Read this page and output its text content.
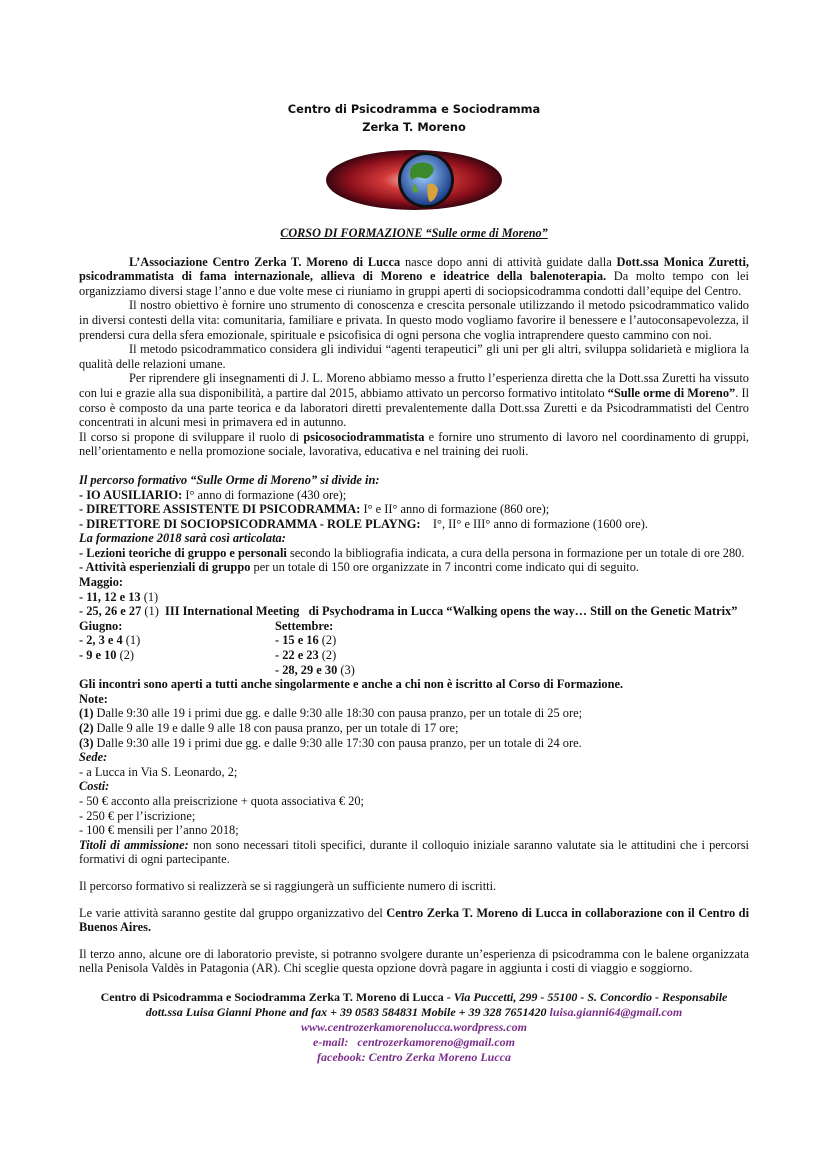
Centro di Psicodramma e Sociodramma
Zerka T. Moreno
CORSO DI FORMAZIONE “Sulle orme di Moreno”

L’Associazione Centro Zerka T. Moreno di Lucca nasce dopo anni di attività guidate dalla Dott.ssa Monica Zuretti, psicodrammatista di fama internazionale, allieva di Moreno e ideatrice della balenoterapia. Da molto tempo con lei organizziamo diversi stage l’anno e due volte mese ci riuniamo in gruppi aperti di sociopsicodramma condotti dall’equipe del Centro.

Il nostro obiettivo è fornire uno strumento di conoscenza e crescita personale utilizzando il metodo psicodrammatico valido in diversi contesti della vita: comunitaria, familiare e privata. In questo modo vogliamo favorire il benessere e l’autoconsapevolezza, il prendersi cura della sfera emozionale, spirituale e psicofisica di ogni persona che voglia intraprendere questo cammino con noi.

Il metodo psicodrammatico considera gli individui “agenti terapeutici” gli uni per gli altri, sviluppa solidarietà e migliora la qualità delle relazioni umane.

Per riprendere gli insegnamenti di J. L. Moreno abbiamo messo a frutto l’esperienza diretta che la Dott.ssa Zuretti ha vissuto con lui e grazie alla sua disponibilità, a partire dal 2015, abbiamo attivato un percorso formativo intitolato “Sulle orme di Moreno”. Il corso è composto da una parte teorica e da laboratori diretti prevalentemente dalla Dott.ssa Zuretti e da Psicodrammatisti del Centro concentrati in alcuni mesi in primavera ed in autunno.

Il corso si propone di sviluppare il ruolo di psicosociodrammatista e fornire uno strumento di lavoro nel coordinamento di gruppi, nell’orientamento e nella promozione sociale, lavorativa, educativa e nel training dei ruoli.

Il percorso formativo “Sulle Orme di Moreno” si divide in:

- IO AUSILIARIO: I° anno di formazione (430 ore);

- DIRETTORE ASSISTENTE DI PSICODRAMMA: I° e II° anno di formazione (860 ore);

- DIRETTORE DI SOCIOPSICODRAMMA - ROLE PLAYNG:    I°, II° e III° anno di formazione (1600 ore).

La formazione 2018 sarà così articolata:

- Lezioni teoriche di gruppo e personali secondo la bibliografia indicata, a cura della persona in formazione per un totale di ore 280.

- Attività esperienziali di gruppo per un totale di 150 ore organizzate in 7 incontri come indicato qui di seguito.

Maggio:

- 11, 12 e 13 (1)

- 25, 26 e 27 (1)  III International Meeting   di Psychodrama in Lucca “Walking opens the way… Still on the Genetic Matrix”

Giugno:

- 2, 3 e 4 (1)

- 9 e 10 (2)

Settembre:

- 15 e 16 (2)

- 22 e 23 (2)

- 28, 29 e 30 (3)

Gli incontri sono aperti a tutti anche singolarmente e anche a chi non è iscritto al Corso di Formazione.

Note:

(1) Dalle 9:30 alle 19 i primi due gg. e dalle 9:30 alle 18:30 con pausa pranzo, per un totale di 25 ore;

(2) Dalle 9 alle 19 e dalle 9 alle 18 con pausa pranzo, per un totale di 17 ore;

(3) Dalle 9:30 alle 19 i primi due gg. e dalle 9:30 alle 17:30 con pausa pranzo, per un totale di 24 ore.

Sede:

- a Lucca in Via S. Leonardo, 2;

Costi:

- 50 € acconto alla preiscrizione + quota associativa € 20;

- 250 € per l’iscrizione;

- 100 € mensili per l’anno 2018;

Titoli di ammissione: non sono necessari titoli specifici, durante il colloquio iniziale saranno valutate sia le attitudini che i percorsi formativi di ogni partecipante.

Il percorso formativo si realizzerà se si raggiungerà un sufficiente numero di iscritti.

Le varie attività saranno gestite dal gruppo organizzativo del Centro Zerka T. Moreno di Lucca in collaborazione con il Centro di Buenos Aires.

Il terzo anno, alcune ore di laboratorio previste, si potranno svolgere durante un’esperienza di psicodramma con le balene organizzata nella Penisola Valdès in Patagonia (AR). Chi sceglie questa opzione dovrà pagare in aggiunta i costi di viaggio e soggiorno.

Centro di Psicodramma e Sociodramma Zerka T. Moreno di Lucca - Via Puccetti, 299 - 55100 - S. Concordio - Responsabile
dott.ssa Luisa Gianni Phone and fax + 39 0583 584831 Mobile + 39 328 7651420 luisa.gianni64@gmail.com
www.centrozerkamorenolucca.wordpress.com
e-mail:   centrozerkamoreno@gmail.com
facebook: Centro Zerka Moreno Lucca
